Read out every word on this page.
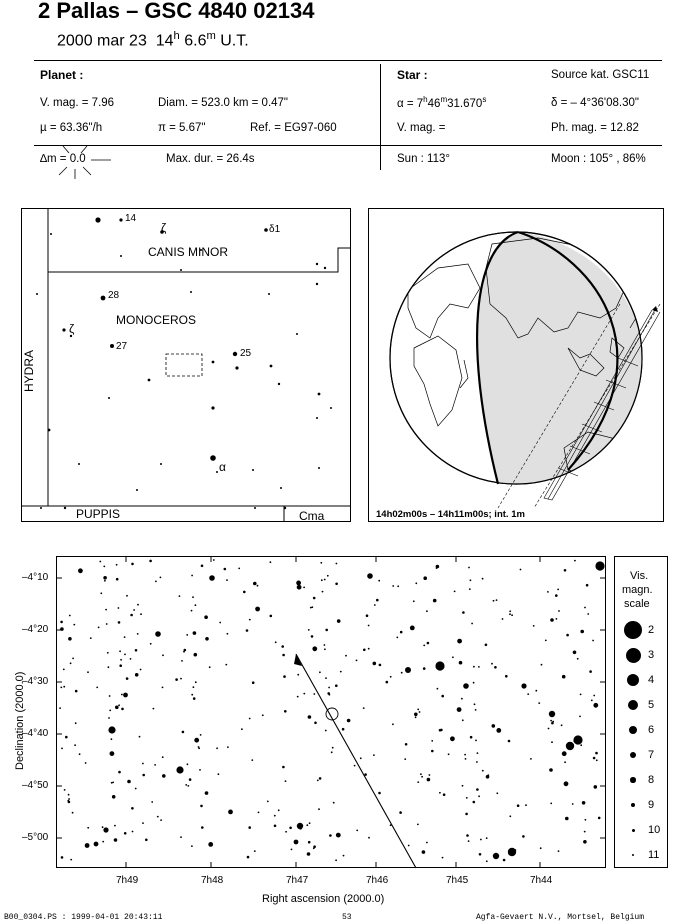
2 Pallas – GSC 4840 02134
2000 mar 23 14$^h$ 6.6$^m$ U.T.
Planet :
V. mag. = 7.96	Diam. = 523.0 km = 0.47"
µ = 63.36"/h	π = 5.67"	Ref. = EG97-060
∆m = 0.0	Max. dur. = 26.4s
Star :	Source kat. GSC11
$\alpha = 7^h46^m31.670^s$	δ = – 4°36'08.30"
V. mag. =	Ph. mag. = 12.82
Sun : 113°	Moon : 105° , 86%
CANIS MINOR
MONOCEROS
HYDRA
PUPPIS	Cma
14
ζ	δ1
28
ζ
27
25
α
14h02m00s – 14h11m00s; int. 1m
Declination (2000.0)
Right ascension (2000.0)
–4°10
–4°20
–4°30
–4°40
–4°50
–5°00
7h49	7h48	7h47	7h46	7h45	7h44
Vis.
magn.
scale
2
3
4
5
6
7
8
9
10
11
B00_0304.PS : 1999-04-01 20:43:11	53	Agfa-Gevaert N.V., Mortsel, Belgium
